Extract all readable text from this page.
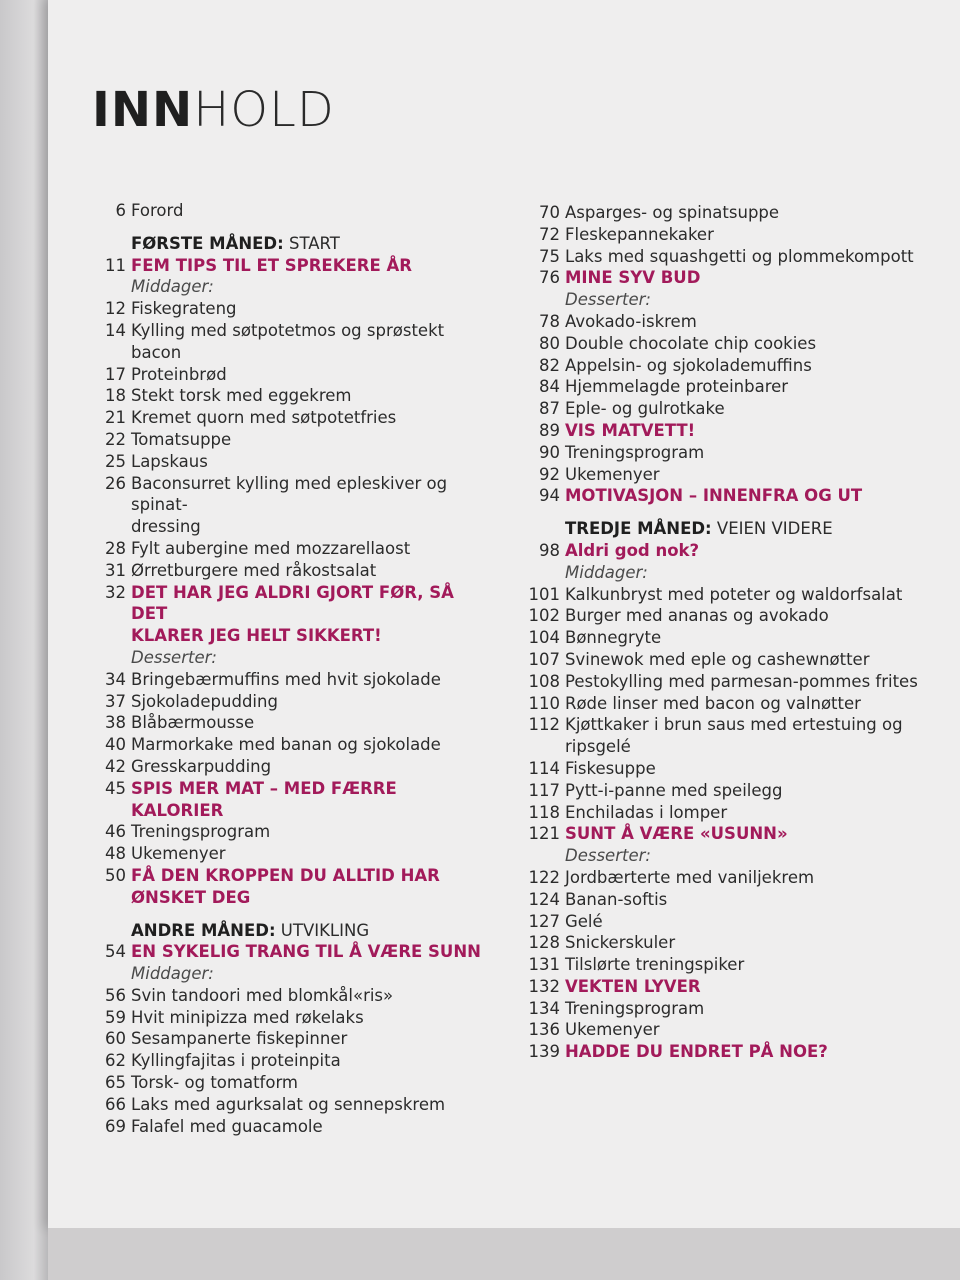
INNHOLD
6 Forord
FØRSTE MÅNED: START
11 FEM TIPS TIL ET SPREKERE ÅR
Middager:
12 Fiskegrateng
14 Kylling med søtpotetmos og sprøstekt bacon
17 Proteinbrød
18 Stekt torsk med eggekrem
21 Kremet quorn med søtpotetfries
22 Tomatsuppe
25 Lapskaus
26 Baconsurret kylling med epleskiver og spinat-
dressing
28 Fylt aubergine med mozzarellaost
31 Ørretburgere med råkostsalat
32 DET HAR JEG ALDRI GJORT FØR, SÅ DET
KLARER JEG HELT SIKKERT!
Desserter:
34 Bringebærmuffins med hvit sjokolade
37 Sjokoladepudding
38 Blåbærmousse
40 Marmorkake med banan og sjokolade
42 Gresskarpudding
45 SPIS MER MAT – MED FÆRRE KALORIER
46 Treningsprogram
48 Ukemenyer
50 FÅ DEN KROPPEN DU ALLTID HAR
ØNSKET DEG
ANDRE MÅNED: UTVIKLING
54 EN SYKELIG TRANG TIL Å VÆRE SUNN
Middager:
56 Svin tandoori med blomkål«ris»
59 Hvit minipizza med røkelaks
60 Sesampanerte fiskepinner
62 Kyllingfajitas i proteinpita
65 Torsk- og tomatform
66 Laks med agurksalat og sennepskrem
69 Falafel med guacamole
70 Asparges- og spinatsuppe
72 Fleskepannekaker
75 Laks med squashgetti og plommekompott
76 MINE SYV BUD
Desserter:
78 Avokado-iskrem
80 Double chocolate chip cookies
82 Appelsin- og sjokolademuffins
84 Hjemmelagde proteinbarer
87 Eple- og gulrotkake
89 VIS MATVETT!
90 Treningsprogram
92 Ukemenyer
94 MOTIVASJON – INNENFRA OG UT
TREDJE MÅNED: VEIEN VIDERE
98 Aldri god nok?
Middager:
101 Kalkunbryst med poteter og waldorfsalat
102 Burger med ananas og avokado
104 Bønnegryte
107 Svinewok med eple og cashewnøtter
108 Pestokylling med parmesan-pommes frites
110 Røde linser med bacon og valnøtter
112 Kjøttkaker i brun saus med ertestuing og ripsgelé
114 Fiskesuppe
117 Pytt-i-panne med speilegg
118 Enchiladas i lomper
121 SUNT Å VÆRE «USUNN»
Desserter:
122 Jordbærterte med vaniljekrem
124 Banan-softis
127 Gelé
128 Snickerskuler
131 Tilslørte treningspiker
132 VEKTEN LYVER
134 Treningsprogram
136 Ukemenyer
139 HADDE DU ENDRET PÅ NOE?
